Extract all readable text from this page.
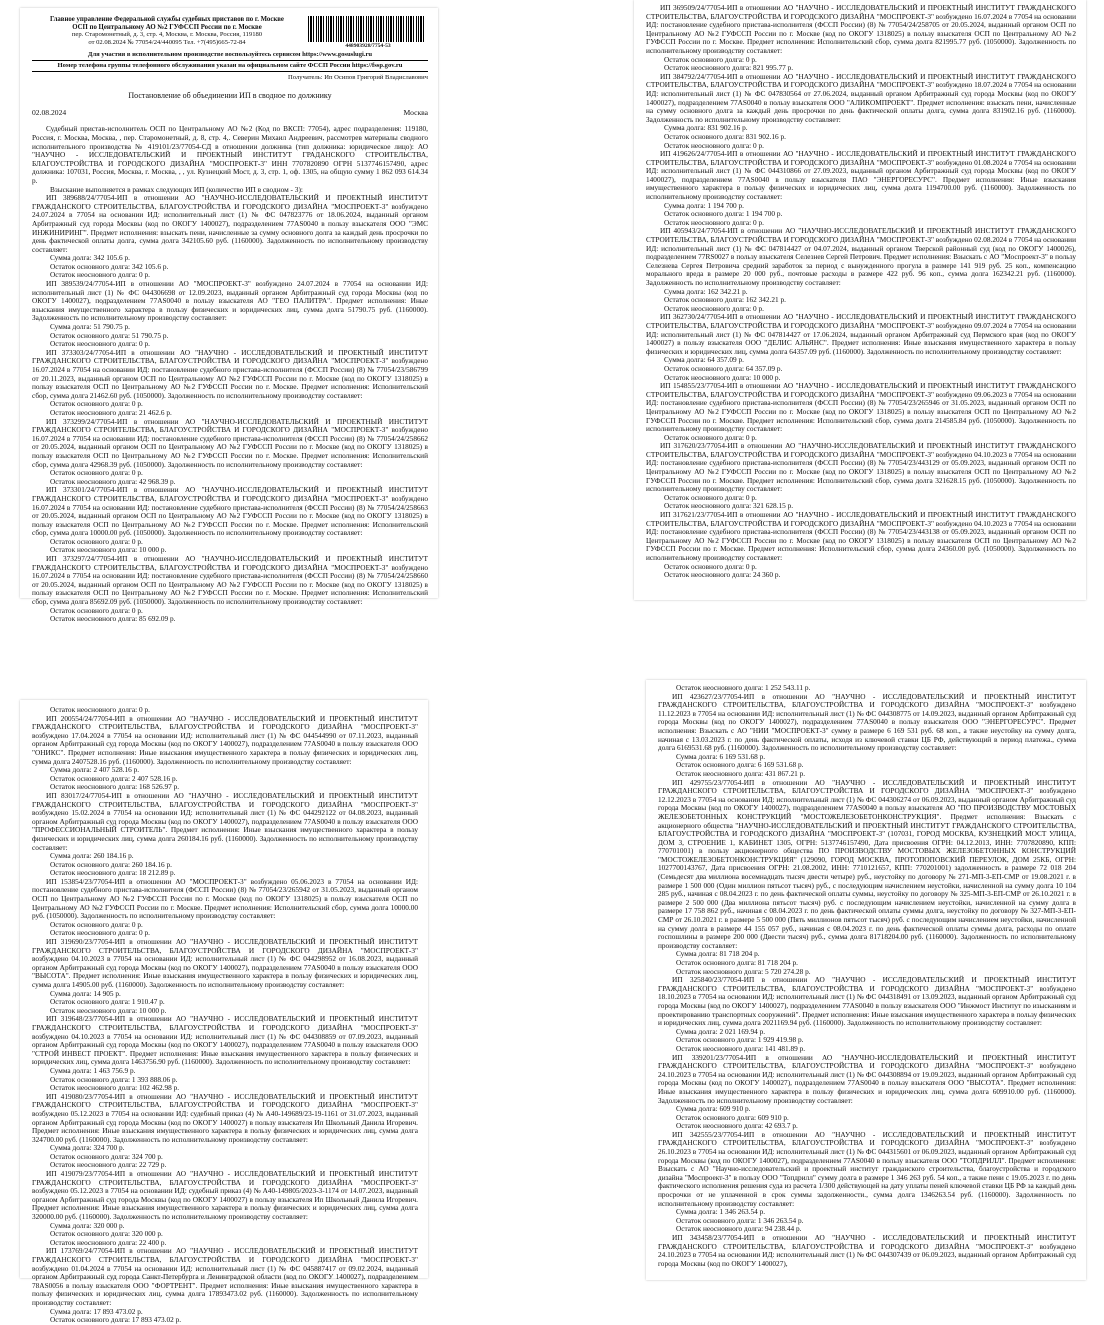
Главное управление Федеральной службы судебных приставов по г. Москве
ОСП по Центральному АО №2 ГУФССП России по г. Москве
пер. Старомонетный, д. 3, стр. 4, Москва, г. Москва, Россия, 119180
от 02.08.2024 № 77054/24/440095 Тел. +7(495)665-72-84
448903928/7754-53
Для участия в исполнительном производстве воспользуйтесь сервисом https://www.gosuslugi.ru
Номер телефона группы телефонного обслуживания указан на официальном сайте ФССП России https://fssp.gov.ru
Получатель: Ип Осипов Григорий Владиславович
Постановление об объединении ИП в сводное по должнику
02.08.2024	Москва

Судебный пристав-исполнитель ОСП по Центральному АО №2 (Код по ВКСП: 77054), адрес подразделения: 119180, Россия, г. Москва, Москва, , пер. Старомонетный, д. 8, стр. 4,. Северин Михаил Андреевич, рассмотрев материалы сводного исполнительного производства № 419101/23/77054-СД в отношении должника (тип должника: юридическое лицо): АО "НАУЧНО - ИССЛЕДОВАТЕЛЬСКИЙ И ПРОЕКТНЫЙ ИНСТИТУТ ГРАДАНСКОГО СТРОИТЕЛЬСТВА, БЛАГОУСТРОЙСТВА И ГОРОДСКОГО ДИЗАЙНА "МОСПРОЕКТ-3" ИНН 7707820890 ОГРН 5137746157490, адрес должника: 107031, Россия, Москва, г. Москва, , , ул. Кузнецкий Мост, д. 3, стр. 1, оф. 1305, на общую сумму 1 862 093 614.34 р.

Взыскание выполняется в рамках следующих ИП (количество ИП в сводном - 3):

ИП 389688/24/77054-ИП в отношении АО "НАУЧНО-ИССЛЕДОВАТЕЛЬСКИЙ И ПРОЕКТНЫЙ ИНСТИТУТ ГРАЖДАНСКОГО СТРОИТЕЛЬСТВА, БЛАГОУСТРОЙСТВА И ГОРОДСКОГО ДИЗАЙНА "МОСПРОЕКТ-3" возбуждено 24.07.2024 в 77054 на основании ИД: исполнительный лист (1) № ФС 047823776 от 18.06.2024, выданный органом Арбитражный суд города Москвы (код по ОКОГУ 1400027), подразделением 77AS0040 в пользу взыскателя ООО "ЭМС ИНЖИНИРИНГ". Предмет исполнения: взыскать пени, начисленные за сумму основного долга за каждый день просрочки по день фактической оплаты долга, сумма долга 342105.60 руб. (1160000). Задолженность по исполнительному производству составляет:

Сумма долга: 342 105.6 р.

Остаток основного долга: 342 105.6 р.

Остаток неосновного долга: 0 р.

ИП 389539/24/77054-ИП в отношении АО "МОСПРОЕКТ-3" возбуждено 24.07.2024 в 77054 на основании ИД: исполнительный лист (1) № ФС 044306698 от 12.09.2023, выданный органом Арбитражный суд города Москвы (код по ОКОГУ 1400027), подразделением 77AS0040 в пользу взыскателя АО "ГЕО ПАЛИТРА". Предмет исполнения: Иные взыскания имущественного характера в пользу физических и юридических лиц, сумма долга 51790.75 руб. (1160000). Задолженность по исполнительному производству составляет:

Сумма долга: 51 790.75 р.

Остаток основного долга: 51 790.75 р.

Остаток неосновного долга: 0 р.

ИП 373303/24/77054-ИП в отношении АО "НАУЧНО - ИССЛЕДОВАТЕЛЬСКИЙ И ПРОЕКТНЫЙ ИНСТИТУТ ГРАЖДАНСКОГО СТРОИТЕЛЬСТВА, БЛАГОУСТРОЙСТВА И ГОРОДСКОГО ДИЗАЙНА "МОСПРОЕКТ-3" возбуждено 16.07.2024 в 77054 на основании ИД: постановление судебного пристава-исполнителя (ФССП России) (8) № 77054/23/586799 от 20.11.2023, выданный органом ОСП по Центральному АО №2 ГУФССП России по г. Москве (код по ОКОГУ 1318025) в пользу взыскателя ОСП по Центральному АО №2 ГУФССП России по г. Москве. Предмет исполнения: Исполнительский сбор, сумма долга 21462.60 руб. (1050000). Задолженность по исполнительному производству составляет:

Остаток основного долга: 0 р.

Остаток неосновного долга: 21 462.6 р.

ИП 373299/24/77054-ИП в отношении АО "НАУЧНО-ИССЛЕДОВАТЕЛЬСКИЙ И ПРОЕКТНЫЙ ИНСТИТУТ ГРАЖДАНСКОГО СТРОИТЕЛЬСТВА, БЛАГОУСТРОЙСТВА И ГОРОДСКОГО ДИЗАЙНА "МОСПРОЕКТ-3" возбуждено 16.07.2024 в 77054 на основании ИД: постановление судебного пристава-исполнителя (ФССП России) (8) № 77054/24/258662 от 20.05.2024, выданный органом ОСП по Центральному АО №2 ГУФССП России по г. Москве (код по ОКОГУ 1318025) в пользу взыскателя ОСП по Центральному АО №2 ГУФССП России по г. Москве. Предмет исполнения: Исполнительский сбор, сумма долга 42968.39 руб. (1050000). Задолженность по исполнительному производству составляет:

Остаток основного долга: 0 р.

Остаток неосновного долга: 42 968.39 р.

ИП 373301/24/77054-ИП в отношении АО "НАУЧНО-ИССЛЕДОВАТЕЛЬСКИЙ И ПРОЕКТНЫЙ ИНСТИТУТ ГРАЖДАНСКОГО СТРОИТЕЛЬСТВА, БЛАГОУСТРОЙСТВА И ГОРОДСКОГО ДИЗАЙНА "МОСПРОЕКТ-3" возбуждено 16.07.2024 в 77054 на основании ИД: постановление судебного пристава-исполнителя (ФССП России) (8) № 77054/24/258663 от 20.05.2024, выданный органом ОСП по Центральному АО №2 ГУФССП России по г. Москве (код по ОКОГУ 1318025) в пользу взыскателя ОСП по Центральному АО №2 ГУФССП России по г. Москве. Предмет исполнения: Исполнительский сбор, сумма долга 10000.00 руб. (1050000). Задолженность по исполнительному производству составляет:

Остаток основного долга: 0 р.

Остаток неосновного долга: 10 000 р.

ИП 373297/24/77054-ИП в отношении АО "НАУЧНО-ИССЛЕДОВАТЕЛЬСКИЙ И ПРОЕКТНЫЙ ИНСТИТУТ ГРАЖДАНСКОГО СТРОИТЕЛЬСТВА, БЛАГОУСТРОЙСТВА И ГОРОДСКОГО ДИЗАЙНА "МОСПРОЕКТ-3" возбуждено 16.07.2024 в 77054 на основании ИД: постановление судебного пристава-исполнителя (ФССП России) (8) № 77054/24/258660 от 20.05.2024, выданный органом ОСП по Центральному АО №2 ГУФССП России по г. Москве (код по ОКОГУ 1318025) в пользу взыскателя ОСП по Центральному АО №2 ГУФССП России по г. Москве. Предмет исполнения: Исполнительский сбор, сумма долга 85692.09 руб. (1050000). Задолженность по исполнительному производству составляет:

Остаток основного долга: 0 р.

Остаток неосновного долга: 85 692.09 р.

ИП 369509/24/77054-ИП в отношении АО "НАУЧНО - ИССЛЕДОВАТЕЛЬСКИЙ И ПРОЕКТНЫЙ ИНСТИТУТ ГРАЖДАНСКОГО СТРОИТЕЛЬСТВА, БЛАГОУСТРОЙСТВА И ГОРОДСКОГО ДИЗАЙНА "МОСПРОЕКТ-3" возбуждено 16.07.2024 в 77054 на основании ИД: постановление судебного пристава-исполнителя (ФССП России) (8) № 77054/24/258705 от 20.05.2024, выданный органом ОСП по Центральному АО №2 ГУФССП России по г. Москве (код по ОКОГУ 1318025) в пользу взыскателя ОСП по Центральному АО №2 ГУФССП России по г. Москве. Предмет исполнения: Исполнительский сбор, сумма долга 821995.77 руб. (1050000). Задолженность по исполнительному производству составляет:

Остаток основного долга: 0 р.

Остаток неосновного долга: 821 995.77 р.

ИП 384792/24/77054-ИП в отношении АО "НАУЧНО - ИССЛЕДОВАТЕЛЬСКИЙ И ПРОЕКТНЫЙ ИНСТИТУТ ГРАЖДАНСКОГО СТРОИТЕЛЬСТВА, БЛАГОУСТРОЙСТВА И ГОРОДСКОГО ДИЗАЙНА "МОСПРОЕКТ-3" возбуждено 18.07.2024 в 77054 на основании ИД: исполнительный лист (1) № ФС 047830564 от 27.06.2024, выданный органом Арбитражный суд города Москвы (код по ОКОГУ 1400027), подразделением 77AS0040 в пользу взыскателя ООО "АЛИКОМПРОЕКТ". Предмет исполнения: взыскать пени, начисленные на сумму основного долга за каждый день просрочки по день фактической оплаты долга, сумма долга 831902.16 руб. (1160000). Задолженность по исполнительному производству составляет:

Сумма долга: 831 902.16 р.

Остаток основного долга: 831 902.16 р.

Остаток неосновного долга: 0 р.

ИП 419626/24/77054-ИП в отношении АО "НАУЧНО - ИССЛЕДОВАТЕЛЬСКИЙ И ПРОЕКТНЫЙ ИНСТИТУТ ГРАЖДАНСКОГО СТРОИТЕЛЬСТВА, БЛАГОУСТРОЙСТВА И ГОРОДСКОГО ДИЗАЙНА "МОСПРОЕКТ-3" возбуждено 01.08.2024 в 77054 на основании ИД: исполнительный лист (1) № ФС 044310866 от 27.09.2023, выданный органом Арбитражный суд города Москвы (код по ОКОГУ 1400027), подразделением 77AS0040 в пользу взыскателя ПАО "ЭНЕРГОРЕСУРС". Предмет исполнения: Иные взыскания имущественного характера в пользу физических и юридических лиц, сумма долга 1194700.00 руб. (1160000). Задолженность по исполнительному производству составляет:

Сумма долга: 1 194 700 р.

Остаток основного долга: 1 194 700 р.

Остаток неосновного долга: 0 р.

ИП 405943/24/77054-ИП в отношении АО "НАУЧНО-ИССЛЕДОВАТЕЛЬСКИЙ И ПРОЕКТНЫЙ ИНСТИТУТ ГРАЖДАНСКОГО СТРОИТЕЛЬСТВА, БЛАГОУСТРОЙСТВА И ГОРОДСКОГО ДИЗАЙНА "МОСПРОЕКТ-3" возбуждено 02.08.2024 в 77054 на основании ИД: исполнительный лист (1) № ФС 047814427 от 04.07.2024, выданный органом Тверской районный суд (код по ОКОГУ 1400026), подразделением 77RS0027 в пользу взыскателя Селезнев Сергей Петрович. Предмет исполнения: Взыскать с АО "Моспроект-3" в пользу Селезнева Сергея Петровича средний заработок за период с вынужденного прогула в размере 141 919 руб. 25 коп., компенсацию морального вреда в размере 20 000 руб., почтовые расходы в размере 422 руб. 96 коп., сумма долга 162342.21 руб. (1160000). Задолженность по исполнительному производству составляет:

Сумма долга: 162 342.21 р.

Остаток основного долга: 162 342.21 р.

Остаток неосновного долга: 0 р.

ИП 362730/24/77054-ИП в отношении АО "НАУЧНО - ИССЛЕДОВАТЕЛЬСКИЙ И ПРОЕКТНЫЙ ИНСТИТУТ ГРАЖДАНСКОГО СТРОИТЕЛЬСТВА, БЛАГОУСТРОЙСТВА И ГОРОДСКОГО ДИЗАЙНА "МОСПРОЕКТ-3" возбуждено 09.07.2024 в 77054 на основании ИД: исполнительный лист (1) № ФС 047814427 от 17.06.2024, выданный органом Арбитражный суд Пермского края (код по ОКОГУ 1400027) в пользу взыскателя ООО "ДЕЛИС АЛЬЯНС". Предмет исполнения: Иные взыскания имущественного характера в пользу физических и юридических лиц, сумма долга 64357.09 руб. (1160000). Задолженность по исполнительному производству составляет:

Сумма долга: 64 357.09 р.

Остаток основного долга: 64 357.09 р.

Остаток неосновного долга: 10 000 р.

ИП 154855/23/77054-ИП в отношении АО "НАУЧНО - ИССЛЕДОВАТЕЛЬСКИЙ И ПРОЕКТНЫЙ ИНСТИТУТ ГРАЖДАНСКОГО СТРОИТЕЛЬСТВА, БЛАГОУСТРОЙСТВА И ГОРОДСКОГО ДИЗАЙНА "МОСПРОЕКТ-3" возбуждено 09.06.2023 в 77054 на основании ИД: постановление судебного пристава-исполнителя (ФССП России) (8) № 77054/23/265946 от 31.05.2023, выданный органом ОСП по Центральному АО №2 ГУФССП России по г. Москве (код по ОКОГУ 1318025) в пользу взыскателя ОСП по Центральному АО №2 ГУФССП России по г. Москве. Предмет исполнения: Исполнительский сбор, сумма долга 214585.84 руб. (1050000). Задолженность по исполнительному производству составляет:

Остаток основного долга: 0 р.

ИП 317620/23/77054-ИП в отношении АО "НАУЧНО-ИССЛЕДОВАТЕЛЬСКИЙ И ПРОЕКТНЫЙ ИНСТИТУТ ГРАЖДАНСКОГО СТРОИТЕЛЬСТВА, БЛАГОУСТРОЙСТВА И ГОРОДСКОГО ДИЗАЙНА "МОСПРОЕКТ-3" возбуждено 04.10.2023 в 77054 на основании ИД: постановление судебного пристава-исполнителя (ФССП России) (8) № 77054/23/443129 от 05.09.2023, выданный органом ОСП по Центральному АО №2 ГУФССП России по г. Москве (код по ОКОГУ 1318025) в пользу взыскателя ОСП по Центральному АО №2 ГУФССП России по г. Москве. Предмет исполнения: Исполнительский сбор, сумма долга 321628.15 руб. (1050000). Задолженность по исполнительному производству составляет:

Остаток основного долга: 0 р.

Остаток неосновного долга: 321 628.15 р.

ИП 317621/23/77054-ИП в отношении АО "НАУЧНО - ИССЛЕДОВАТЕЛЬСКИЙ И ПРОЕКТНЫЙ ИНСТИТУТ ГРАЖДАНСКОГО СТРОИТЕЛЬСТВА, БЛАГОУСТРОЙСТВА И ГОРОДСКОГО ДИЗАЙНА "МОСПРОЕКТ-3" возбуждено 04.10.2023 в 77054 на основании ИД: постановление судебного пристава-исполнителя (ФССП России) (8) № 77054/23/443138 от 05.09.2023, выданный органом ОСП по Центральному АО №2 ГУФССП России по г. Москве (код по ОКОГУ 1318025) в пользу взыскателя ОСП по Центральному АО №2 ГУФССП России по г. Москве. Предмет исполнения: Исполнительский сбор, сумма долга 24360.00 руб. (1050000). Задолженность по исполнительному производству составляет:

Остаток основного долга: 0 р.

Остаток неосновного долга: 24 360 р.

Остаток неосновного долга: 0 р.

ИП 200554/24/77054-ИП в отношении АО "НАУЧНО - ИССЛЕДОВАТЕЛЬСКИЙ И ПРОЕКТНЫЙ ИНСТИТУТ ГРАЖДАНСКОГО СТРОИТЕЛЬСТВА, БЛАГОУСТРОЙСТВА И ГОРОДСКОГО ДИЗАЙНА "МОСПРОЕКТ-3" возбуждено 17.04.2024 в 77054 на основании ИД: исполнительный лист (1) № ФС 044544990 от 07.11.2023, выданный органом Арбитражный суд города Москвы (код по ОКОГУ 1400027), подразделением 77AS0040 в пользу взыскателя ООО "ОНИКС". Предмет исполнения: Иные взыскания имущественного характера в пользу физических и юридических лиц, сумма долга 2407528.16 руб. (1160000). Задолженность по исполнительному производству составляет:

Сумма долга: 2 407 528.16 р.

Остаток основного долга: 2 407 528.16 р.

Остаток неосновного долга: 168 526.97 р.

ИП 83017/24/77054-ИП в отношении АО "НАУЧНО - ИССЛЕДОВАТЕЛЬСКИЙ И ПРОЕКТНЫЙ ИНСТИТУТ ГРАЖДАНСКОГО СТРОИТЕЛЬСТВА, БЛАГОУСТРОЙСТВА И ГОРОДСКОГО ДИЗАЙНА "МОСПРОЕКТ-3" возбуждено 15.02.2024 в 77054 на основании ИД: исполнительный лист (1) № ФС 044292122 от 04.08.2023, выданный органом Арбитражный суд города Москвы (код по ОКОГУ 1400027), подразделением 77AS0040 в пользу взыскателя ООО "ПРОФЕССИОНАЛЬНЫЙ СТРОИТЕЛЬ". Предмет исполнения: Иные взыскания имущественного характера в пользу физических и юридических лиц, сумма долга 260184.16 руб. (1160000). Задолженность по исполнительному производству составляет:

Сумма долга: 260 184.16 р.

Остаток основного долга: 260 184.16 р.

Остаток неосновного долга: 18 212.89 р.

ИП 153854/23/77054-ИП в отношении АО "МОСПРОЕКТ-3" возбуждено 05.06.2023 в 77054 на основании ИД: постановление судебного пристава-исполнителя (ФССП России) (8) № 77054/23/265942 от 31.05.2023, выданный органом ОСП по Центральному АО №2 ГУФССП России по г. Москве (код по ОКОГУ 1318025) в пользу взыскателя ОСП по Центральному АО №2 ГУФССП России по г. Москве. Предмет исполнения: Исполнительский сбор, сумма долга 10000.00 руб. (1050000). Задолженность по исполнительному производству составляет:

Остаток основного долга: 0 р.

Остаток неосновного долга: 0 р.

ИП 319690/23/77054-ИП в отношении АО "НАУЧНО - ИССЛЕДОВАТЕЛЬСКИЙ И ПРОЕКТНЫЙ ИНСТИТУТ ГРАЖДАНСКОГО СТРОИТЕЛЬСТВА, БЛАГОУСТРОЙСТВА И ГОРОДСКОГО ДИЗАЙНА "МОСПРОЕКТ-3" возбуждено 04.10.2023 в 77054 на основании ИД: исполнительный лист (1) № ФС 044298952 от 16.08.2023, выданный органом Арбитражный суд города Москвы (код по ОКОГУ 1400027), подразделением 77AS0040 в пользу взыскателя ООО "ВЫСОТА". Предмет исполнения: Иные взыскания имущественного характера в пользу физических и юридических лиц, сумма долга 14905.00 руб. (1160000). Задолженность по исполнительному производству составляет:

Сумма долга: 14 905 р.

Остаток основного долга: 1 910.47 р.

Остаток неосновного долга: 10 000 р.

ИП 319648/23/77054-ИП в отношении АО "НАУЧНО - ИССЛЕДОВАТЕЛЬСКИЙ И ПРОЕКТНЫЙ ИНСТИТУТ ГРАЖДАНСКОГО СТРОИТЕЛЬСТВА, БЛАГОУСТРОЙСТВА И ГОРОДСКОГО ДИЗАЙНА "МОСПРОЕКТ-3" возбуждено 04.10.2023 в 77054 на основании ИД: исполнительный лист (1) № ФС 044308859 от 07.09.2023, выданный органом Арбитражный суд города Москвы (код по ОКОГУ 1400027), подразделением 77AS0040 в пользу взыскателя ООО "СТРОЙ ИНВЕСТ ПРОЕКТ". Предмет исполнения: Иные взыскания имущественного характера в пользу физических и юридических лиц, сумма долга 1463756.90 руб. (1160000). Задолженность по исполнительному производству составляет:

Сумма долга: 1 463 756.9 р.

Остаток основного долга: 1 393 888.06 р.

Остаток неосновного долга: 102 462.98 р.

ИП 419080/23/77054-ИП в отношении АО "НАУЧНО - ИССЛЕДОВАТЕЛЬСКИЙ И ПРОЕКТНЫЙ ИНСТИТУТ ГРАЖДАНСКОГО СТРОИТЕЛЬСТВА, БЛАГОУСТРОЙСТВА И ГОРОДСКОГО ДИЗАЙНА "МОСПРОЕКТ-3" возбуждено 05.12.2023 в 77054 на основании ИД: судебный приказ (4) № А40-149689/23-19-1161 от 31.07.2023, выданный органом Арбитражный суд города Москвы (код по ОКОГУ 1400027) в пользу взыскателя Ип Школьный Данила Игоревич. Предмет исполнения: Иные взыскания имущественного характера в пользу физических и юридических лиц, сумма долга 324700.00 руб. (1160000). Задолженность по исполнительному производству составляет:

Сумма долга: 324 700 р.

Остаток основного долга: 324 700 р.

Остаток неосновного долга: 22 729 р.

ИП 419079/23/77054-ИП в отношении АО "НАУЧНО - ИССЛЕДОВАТЕЛЬСКИЙ И ПРОЕКТНЫЙ ИНСТИТУТ ГРАЖДАНСКОГО СТРОИТЕЛЬСТВА, БЛАГОУСТРОЙСТВА И ГОРОДСКОГО ДИЗАЙНА "МОСПРОЕКТ-3" возбуждено 05.12.2023 в 77054 на основании ИД: судебный приказ (4) № А40-149805/2023-3-1174 от 14.07.2023, выданный органом Арбитражный суд города Москвы (код по ОКОГУ 1400027) в пользу взыскателя Ип Школьный Данила Игоревич. Предмет исполнения: Иные взыскания имущественного характера в пользу физических и юридических лиц, сумма долга 320000.00 руб. (1160000). Задолженность по исполнительному производству составляет:

Сумма долга: 320 000 р.

Остаток основного долга: 320 000 р.

Остаток неосновного долга: 22 400 р.

ИП 173769/24/77054-ИП в отношении АО "НАУЧНО - ИССЛЕДОВАТЕЛЬСКИЙ И ПРОЕКТНЫЙ ИНСТИТУТ ГРАЖДАНСКОГО СТРОИТЕЛЬСТВА, БЛАГОУСТРОЙСТВА И ГОРОДСКОГО ДИЗАЙНА "МОСПРОЕКТ-3" возбуждено 01.04.2024 в 77054 на основании ИД: исполнительный лист (1) № ФС 045887417 от 09.02.2024, выданный органом Арбитражный суд города Санкт-Петербурга и Ленинградской области (код по ОКОГУ 1400027), подразделением 78AS0056 в пользу взыскателя ООО "ФОРТРЕНТ". Предмет исполнения: Иные взыскания имущественного характера в пользу физических и юридических лиц, сумма долга 17893473.02 руб. (1160000). Задолженность по исполнительному производству составляет:

Сумма долга: 17 893 473.02 р.

Остаток основного долга: 17 893 473.02 р.

Остаток неосновного долга: 1 252 543.11 р.

ИП 423627/23/77054-ИП в отношении АО "НАУЧНО - ИССЛЕДОВАТЕЛЬСКИЙ И ПРОЕКТНЫЙ ИНСТИТУТ ГРАЖДАНСКОГО СТРОИТЕЛЬСТВА, БЛАГОУСТРОЙСТВА И ГОРОДСКОГО ДИЗАЙНА "МОСПРОЕКТ-3" возбуждено 11.12.2023 в 77054 на основании ИД: исполнительный лист (1) № ФС 044308775 от 14.09.2023, выданный органом Арбитражный суд города Москвы (код по ОКОГУ 1400027), подразделением 77AS0040 в пользу взыскателя ООО "ЭНЕРГОРЕСУРС". Предмет исполнения: Взыскать с АО "НИИ "МОСПРОЕКТ-3" сумму в размере 6 169 531 руб. 68 коп., а также неустойку на сумму долга, начиная с 13.03.2023 г. по день фактической оплаты, исходя из ключевой ставки ЦБ РФ, действующий в период платежа., сумма долга 6169531.68 руб. (1160000). Задолженность по исполнительному производству составляет:

Сумма долга: 6 169 531.68 р.

Остаток основного долга: 6 169 531.68 р.

Остаток неосновного долга: 431 867.21 р.

ИП 429755/23/77054-ИП в отношении АО "НАУЧНО - ИССЛЕДОВАТЕЛЬСКИЙ И ПРОЕКТНЫЙ ИНСТИТУТ ГРАЖДАНСКОГО СТРОИТЕЛЬСТВА, БЛАГОУСТРОЙСТВА И ГОРОДСКОГО ДИЗАЙНА "МОСПРОЕКТ-3" возбуждено 12.12.2023 в 77054 на основании ИД: исполнительный лист (1) № ФС 044306274 от 06.09.2023, выданный органом Арбитражный суд города Москвы (код по ОКОГУ 1400027), подразделением 77AS0040 в пользу взыскателя АО "ПО ПРОИЗВОДСТВУ МОСТОВЫХ ЖЕЛЕЗОБЕТОННЫХ КОНСТРУКЦИЙ "МОСТОЖЕЛЕЗОБЕТОНКОНСТРУКЦИЯ". Предмет исполнения: Взыскать с акционерного общества "НАУЧНО-ИССЛЕДОВАТЕЛЬСКИЙ И ПРОЕКТНЫЙ ИНСТИТУТ ГРАЖДАНСКОГО СТРОИТЕЛЬСТВА, БЛАГОУСТРОЙСТВА И ГОРОДСКОГО ДИЗАЙНА "МОСПРОЕКТ-3" (107031, ГОРОД МОСКВА, КУЗНЕЦКИЙ МОСТ УЛИЦА, ДОМ 3, СТРОЕНИЕ 1, КАБИНЕТ 1305, ОГРН: 5137746157490, Дата присвоения ОГРН: 04.12.2013, ИНН: 7707820890, КПП: 770701001) в пользу акционерного общества ПО ПРОИЗВОДСТВУ МОСТОВЫХ ЖЕЛЕЗОБЕТОННЫХ КОНСТРУКЦИЙ "МОСТОЖЕЛЕЗОБЕТОНКОНСТРУКЦИЯ" (129090, ГОРОД МОСКВА, ПРОТОПОПОВСКИЙ ПЕРЕУЛОК, ДОМ 25КБ, ОГРН: 1027700143767, Дата присвоения ОГРН: 21.08.2002, ИНН: 7710121657, КПП: 770201001) задолженность в размере 72 018 204 (Семьдесят два миллиона восемнадцать тысяч двести четыре) руб., неустойку по договору № 271-МП-3-ЕП-СМР от 19.08.2021 г. в размере 1 500 000 (Один миллион пятьсот тысяч) руб., с последующим начислением неустойки, начисленной на сумму долга 10 104 285 руб., начиная с 08.04.2023 г. по день фактической оплаты суммы, неустойку по договору № 325-МП-3-ЕП-СМР от 26.10.2021 г. в размере 2 500 000 (Два миллиона пятьсот тысяч) руб. с последующим начислением неустойки, начисленной на сумму долга в размере 17 758 862 руб., начиная с 08.04.2023 г. по день фактической оплаты суммы долга, неустойку по договору № 327-МП-3-ЕП-СМР от 26.10.2021 г. в размере 5 500 000 (Пять миллионов пятьсот тысяч) руб. с последующим начислением неустойки, начисленной на сумму долга в размере 44 155 057 руб., начиная с 08.04.2023 г. по день фактической оплаты суммы долга, расходы по оплате госпошлины в размере 200 000 (Двести тысяч) руб., сумма долга 81718204.00 руб. (1160000). Задолженность по исполнительному производству составляет:

Сумма долга: 81 718 204 р.

Остаток основного долга: 81 718 204 р.

Остаток неосновного долга: 5 720 274.28 р.

ИП 325840/23/77054-ИП в отношении АО "НАУЧНО - ИССЛЕДОВАТЕЛЬСКИЙ И ПРОЕКТНЫЙ ИНСТИТУТ ГРАЖДАНСКОГО СТРОИТЕЛЬСТВА, БЛАГОУСТРОЙСТВА И ГОРОДСКОГО ДИЗАЙНА "МОСПРОЕКТ-3" возбуждено 18.10.2023 в 77054 на основании ИД: исполнительный лист (1) № ФС 044318491 от 13.09.2023, выданный органом Арбитражный суд города Москвы (код по ОКОГУ 1400027), подразделением 77AS0040 в пользу взыскателя ООО "Инжмост Институт по изысканиям и проектированию транспортных сооружений". Предмет исполнения: Иные взыскания имущественного характера в пользу физических и юридических лиц, сумма долга 2021169.94 руб. (1160000). Задолженность по исполнительному производству составляет:

Сумма долга: 2 021 169.94 р.

Остаток основного долга: 1 929 419.98 р.

Остаток неосновного долга: 141 481.89 р.

ИП 339201/23/77054-ИП в отношении АО "НАУЧНО-ИССЛЕДОВАТЕЛЬСКИЙ И ПРОЕКТНЫЙ ИНСТИТУТ ГРАЖДАНСКОГО СТРОИТЕЛЬСТВА, БЛАГОУСТРОЙСТВА И ГОРОДСКОГО ДИЗАЙНА "МОСПРОЕКТ-3" возбуждено 24.10.2023 в 77054 на основании ИД: исполнительный лист (1) № ФС 044308894 от 19.09.2023, выданный органом Арбитражный суд города Москвы (код по ОКОГУ 1400027), подразделением 77AS0040 в пользу взыскателя ООО "ВЫСОТА". Предмет исполнения: Иные взыскания имущественного характера в пользу физических и юридических лиц, сумма долга 609910.00 руб. (1160000). Задолженность по исполнительному производству составляет:

Сумма долга: 609 910 р.

Остаток основного долга: 609 910 р.

Остаток неосновного долга: 42 693.7 р.

ИП 342555/23/77054-ИП в отношении АО "НАУЧНО - ИССЛЕДОВАТЕЛЬСКИЙ И ПРОЕКТНЫЙ ИНСТИТУТ ГРАЖДАНСКОГО СТРОИТЕЛЬСТВА, БЛАГОУСТРОЙСТВА И ГОРОДСКОГО ДИЗАЙНА "МОСПРОЕКТ-3" возбуждено 26.10.2023 в 77054 на основании ИД: исполнительный лист (1) № ФС 044315601 от 06.09.2023, выданный органом Арбитражный суд города Москвы (код по ОКОГУ 1400027), подразделением 77AS0040 в пользу взыскателя ООО "ТОПДРИЛЛ". Предмет исполнения: Взыскать с АО "Научно-исследовательский и проектный институт гражданского строительства, благоустройства и городского дизайна "Моспроект-3" в пользу ООО "Топдрилл" сумму долга в размере 1 346 263 руб. 54 коп., а также пени с 19.05.2023 г. по день фактического исполнения решения суда из расчета 1/300 действующей на дату уплаты пеней ключевой ставки ЦБ РФ за каждый день просрочки от не уплаченной в срок суммы задолженности., сумма долга 1346263.54 руб. (1160000). Задолженность по исполнительному производству составляет:

Сумма долга: 1 346 263.54 р.

Остаток основного долга: 1 346 263.54 р.

Остаток неосновного долга: 94 238.44 р.

ИП 343458/23/77054-ИП в отношении АО "НАУЧНО - ИССЛЕДОВАТЕЛЬСКИЙ И ПРОЕКТНЫЙ ИНСТИТУТ ГРАЖДАНСКОГО СТРОИТЕЛЬСТВА, БЛАГОУСТРОЙСТВА И ГОРОДСКОГО ДИЗАЙНА "МОСПРОЕКТ-3" возбуждено 24.10.2023 в 77054 на основании ИД: исполнительный лист (1) № ФС 044307439 от 06.09.2023, выданный органом Арбитражный суд города Москвы (код по ОКОГУ 1400027),
